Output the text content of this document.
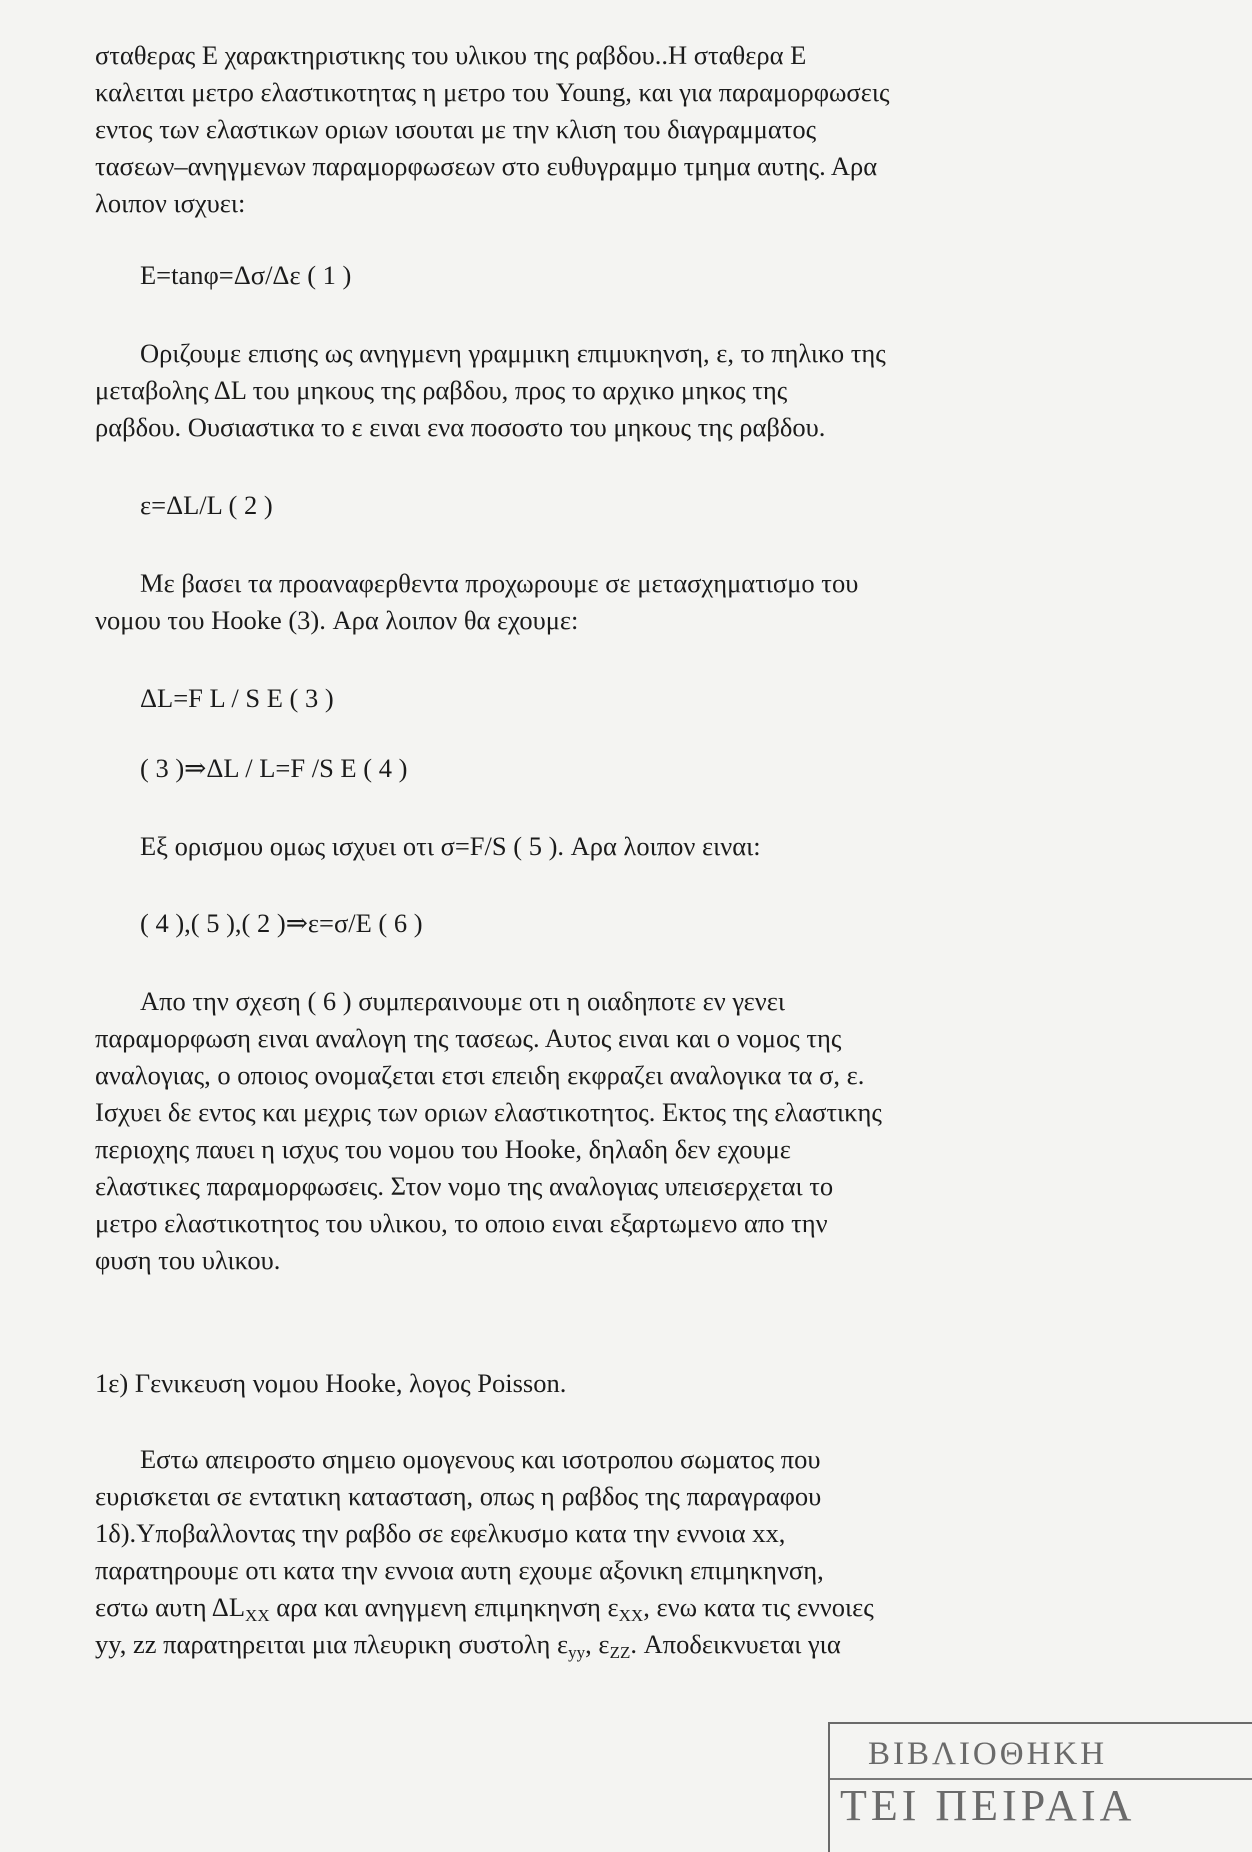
σταθερας Ε χαρακτηριστικης του υλικου της ραβδου..Η σταθερα Ε
καλειται μετρο ελαστικοτητας η μετρο του Young, και για παραμορφωσεις
εντος των ελαστικων οριων ισουται με την κλιση του διαγραμματος
τασεων–ανηγμενων παραμορφωσεων στο ευθυγραμμο τμημα αυτης. Αρα
λοιπον ισχυει:
E=tanφ=Δσ/Δε ( 1 )
Οριζουμε επισης ως ανηγμενη γραμμικη επιμυκηνση, ε, το πηλικο της
μεταβολης ΔL του μηκους της ραβδου, προς το αρχικο μηκος της
ραβδου. Ουσιαστικα το ε ειναι ενα ποσοστο του μηκους της ραβδου.
ε=ΔL/L ( 2 )
Με βασει τα προαναφερθεντα προχωρουμε σε μετασχηματισμο του
νομου του Hooke (3). Αρα λοιπον θα εχουμε:
ΔL=F L / S E ( 3 )
( 3 )⇒ΔL / L=F /S E ( 4 )
Εξ ορισμου ομως ισχυει οτι σ=F/S ( 5 ). Αρα λοιπον ειναι:
( 4 ),( 5 ),( 2 )⇒ε=σ/E ( 6 )
Απο την σχεση ( 6 ) συμπεραινουμε οτι η οιαδηποτε εν γενει
παραμορφωση ειναι αναλογη της τασεως. Αυτος ειναι και ο νομος της
αναλογιας, ο οποιος ονομαζεται ετσι επειδη εκφραζει αναλογικα τα σ, ε.
Ισχυει δε εντος και μεχρις των οριων ελαστικοτητος. Εκτος της ελαστικης
περιοχης παυει η ισχυς του νομου του Hooke, δηλαδη δεν εχουμε
ελαστικες παραμορφωσεις. Στον νομο της αναλογιας υπεισερχεται το
μετρο ελαστικοτητος του υλικου, το οποιο ειναι εξαρτωμενο απο την
φυση του υλικου.
1ε) Γενικευση νομου Hooke, λογος Poisson.
Εστω απειροστο σημειο ομογενους και ισοτροπου σωματος που
ευρισκεται σε εντατικη κατασταση, οπως η ραβδος της παραγραφου
1δ).Υποβαλλοντας την ραβδο σε εφελκυσμο κατα την εννοια xx,
παρατηρουμε οτι κατα την εννοια αυτη εχουμε αξονικη επιμηκηνση,
εστω αυτη $\Delta L_{XX}$ αρα και ανηγμενη επιμηκηνση $\varepsilon_{XX}$, ενω κατα τις εννοιες
yy, zz παρατηρειται μια πλευρικη συστολη $\varepsilon_{yy}$, $\varepsilon_{ZZ}$. Αποδεικνυεται για
ΒΙΒΛΙΟΘΗΚΗ
ΤΕΙ ΠΕΙΡΑΙΑ
